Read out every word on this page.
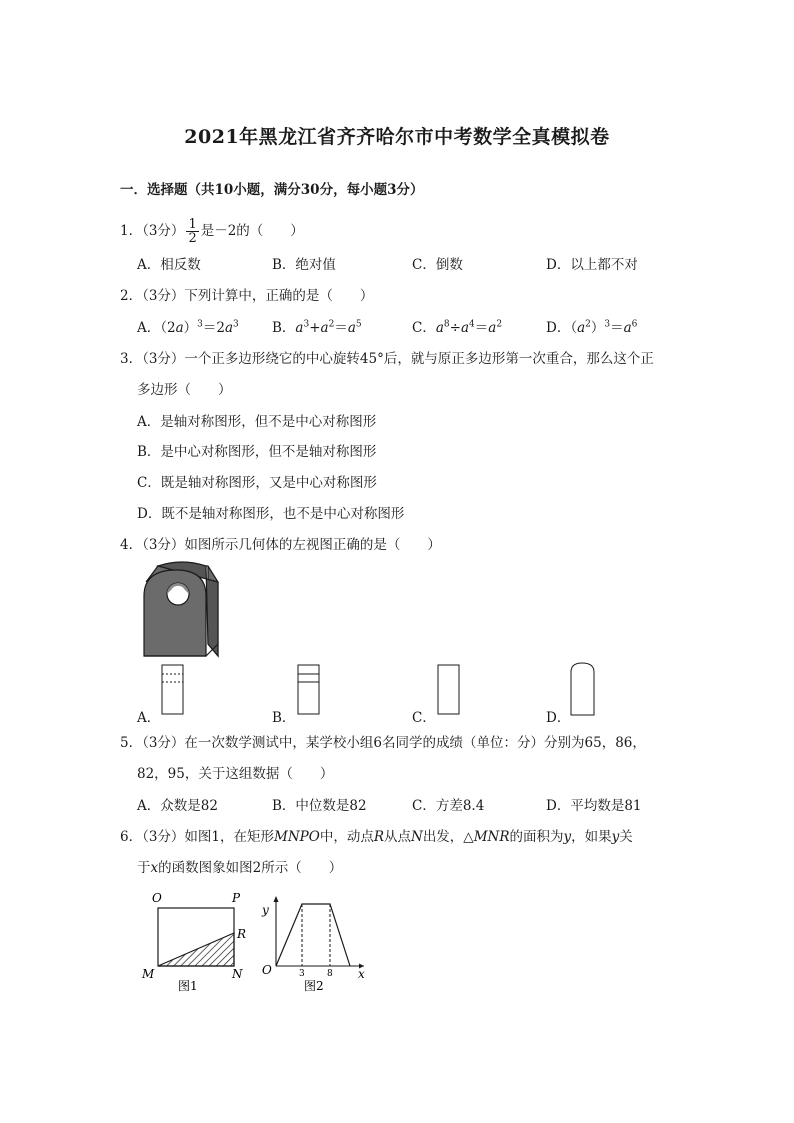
2021年黑龙江省齐齐哈尔市中考数学全真模拟卷
一．选择题（共10小题，满分30分，每小题3分）
1．（3分） $\frac{1}{2}$ 是－2的（　　）
A．相反数	B．绝对值	C．倒数	D．以上都不对
2．（3分）下列计算中，正确的是（　　）
A．$(2a)^3=2a^3$ B．$a^3+a^2=a^5$	C．$a^8\div a^4=a^2$	D．$(a^2)^3=a^6$
3．（3分）一个正多边形绕它的中心旋转45°后，就与原正多边形第一次重合，那么这个正
多边形（　　）
A．是轴对称图形，但不是中心对称图形
B．是中心对称图形，但不是轴对称图形
C．既是轴对称图形，又是中心对称图形
D．既不是轴对称图形，也不是中心对称图形
4．（3分）如图所示几何体的左视图正确的是（　　）
A．	B．	C．	D．
5．（3分）在一次数学测试中，某学校小组6名同学的成绩（单位：分）分别为65，86，
82，95，关于这组数据（　　）
A．众数是82	B．中位数是82	C．方差8.4	D．平均数是81
6．（3分）如图1，在矩形MNPO中，动点R从点N出发，△MNR的面积为y，如果y关
于x的函数图象如图2所示（　　）
O	P
R
M	N
图1
y
O	3 8 x
图2
